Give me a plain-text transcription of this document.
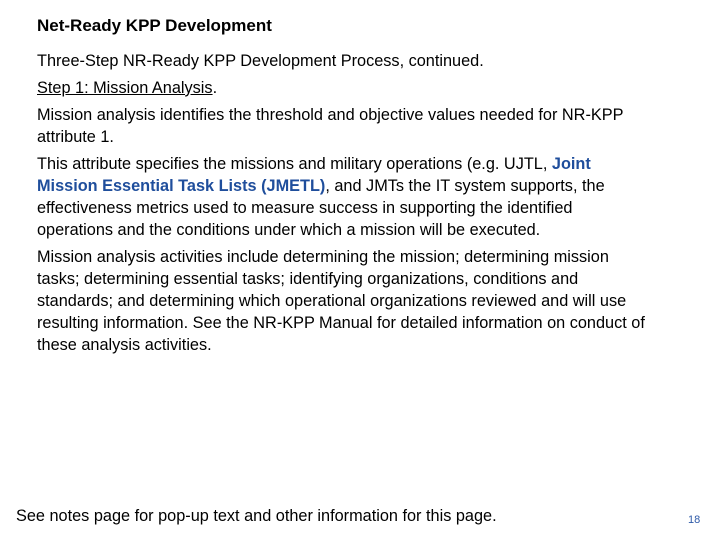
Net-Ready KPP Development

Three-Step NR-Ready KPP Development Process, continued.

Step 1: Mission Analysis.

Mission analysis identifies the threshold and objective values needed for NR-KPP attribute 1.

This attribute specifies the missions and military operations (e.g. UJTL, Joint Mission Essential Task Lists (JMETL), and JMTs the IT system supports, the effectiveness metrics used to measure success in supporting the identified operations and the conditions under which a mission will be executed.

Mission analysis activities include determining the mission; determining mission tasks; determining essential tasks; identifying organizations, conditions and standards; and determining which operational organizations reviewed and will use resulting information. See the NR-KPP Manual for detailed information on conduct of these analysis activities.

See notes page for pop-up text and other information for this page.	18
